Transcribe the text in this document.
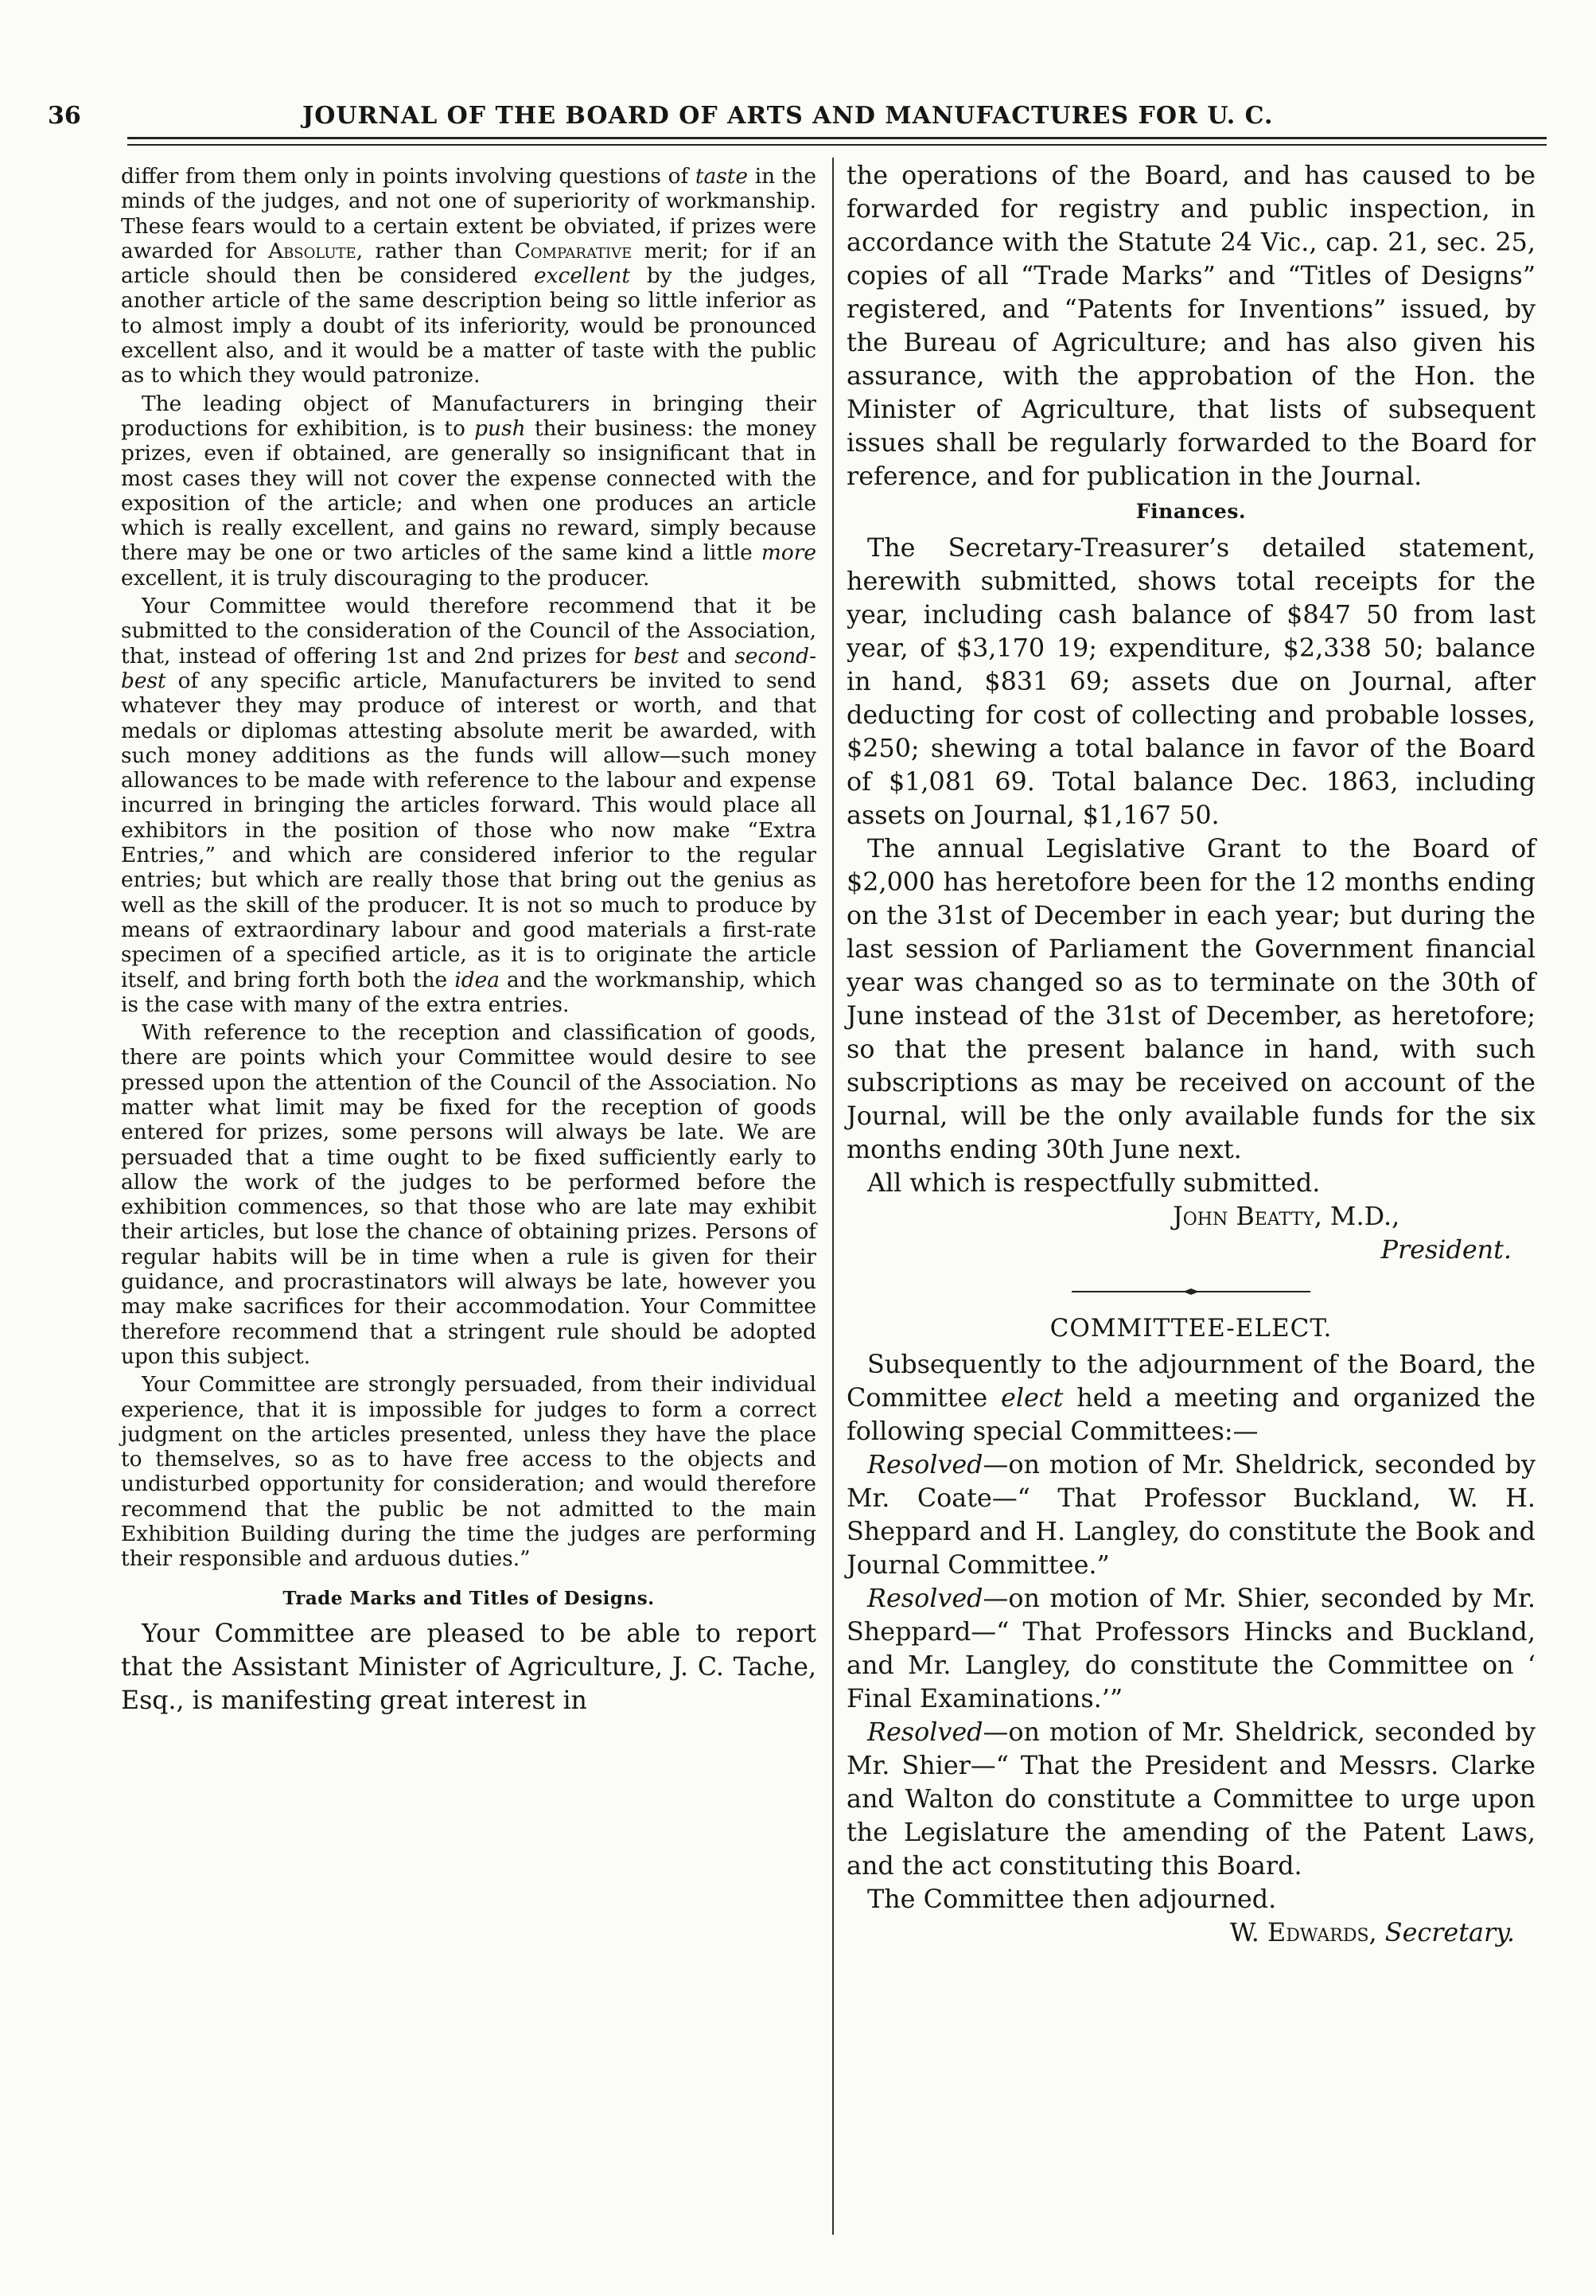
36	JOURNAL OF THE BOARD OF ARTS AND MANUFACTURES FOR U. C.

differ from them only in points involving questions of taste in the minds of the judges, and not one of superiority of workmanship. These fears would to a certain extent be obviated, if prizes were awarded for Absolute, rather than Comparative merit; for if an article should then be considered excellent by the judges, another article of the same description being so little inferior as to almost imply a doubt of its inferiority, would be pronounced excellent also, and it would be a matter of taste with the public as to which they would patronize.

The leading object of Manufacturers in bringing their productions for exhibition, is to push their business: the money prizes, even if obtained, are generally so insignificant that in most cases they will not cover the expense connected with the exposition of the article; and when one produces an article which is really excellent, and gains no reward, simply because there may be one or two articles of the same kind a little more excellent, it is truly discouraging to the producer.

Your Committee would therefore recommend that it be submitted to the consideration of the Council of the Association, that, instead of offering 1st and 2nd prizes for best and second-best of any specific article, Manufacturers be invited to send whatever they may produce of interest or worth, and that medals or diplomas attesting absolute merit be awarded, with such money additions as the funds will allow—such money allowances to be made with reference to the labour and expense incurred in bringing the articles forward. This would place all exhibitors in the position of those who now make “Extra Entries,” and which are considered inferior to the regular entries; but which are really those that bring out the genius as well as the skill of the producer. It is not so much to produce by means of extraordinary labour and good materials a first-rate specimen of a specified article, as it is to originate the article itself, and bring forth both the idea and the workmanship, which is the case with many of the extra entries.

With reference to the reception and classification of goods, there are points which your Committee would desire to see pressed upon the attention of the Council of the Association. No matter what limit may be fixed for the reception of goods entered for prizes, some persons will always be late. We are persuaded that a time ought to be fixed sufficiently early to allow the work of the judges to be performed before the exhibition commences, so that those who are late may exhibit their articles, but lose the chance of obtaining prizes. Persons of regular habits will be in time when a rule is given for their guidance, and procrastinators will always be late, however you may make sacrifices for their accommodation. Your Committee therefore recommend that a stringent rule should be adopted upon this subject.

Your Committee are strongly persuaded, from their individual experience, that it is impossible for judges to form a correct judgment on the articles presented, unless they have the place to themselves, so as to have free access to the objects and undisturbed opportunity for consideration; and would therefore recommend that the public be not admitted to the main Exhibition Building during the time the judges are performing their responsible and arduous duties.”

Trade Marks and Titles of Designs.

Your Committee are pleased to be able to report that the Assistant Minister of Agriculture, J. C. Tache, Esq., is manifesting great interest in

the operations of the Board, and has caused to be forwarded for registry and public inspection, in accordance with the Statute 24 Vic., cap. 21, sec. 25, copies of all “Trade Marks” and “Titles of Designs” registered, and “Patents for Inventions” issued, by the Bureau of Agriculture; and has also given his assurance, with the approbation of the Hon. the Minister of Agriculture, that lists of subsequent issues shall be regularly forwarded to the Board for reference, and for publication in the Journal.

Finances.

The Secretary-Treasurer’s detailed statement, herewith submitted, shows total receipts for the year, including cash balance of $847 50 from last year, of $3,170 19; expenditure, $2,338 50; balance in hand, $831 69; assets due on Journal, after deducting for cost of collecting and probable losses, $250; shewing a total balance in favor of the Board of $1,081 69. Total balance Dec. 1863, including assets on Journal, $1,167 50.

The annual Legislative Grant to the Board of $2,000 has heretofore been for the 12 months ending on the 31st of December in each year; but during the last session of Parliament the Government financial year was changed so as to terminate on the 30th of June instead of the 31st of December, as heretofore; so that the present balance in hand, with such subscriptions as may be received on account of the Journal, will be the only available funds for the six months ending 30th June next.

All which is respectfully submitted.

John Beatty, M.D.,
President.
COMMITTEE-ELECT.

Subsequently to the adjournment of the Board, the Committee elect held a meeting and organized the following special Committees:—

Resolved—on motion of Mr. Sheldrick, seconded by Mr. Coate—“ That Professor Buckland, W. H. Sheppard and H. Langley, do constitute the Book and Journal Committee.”

Resolved—on motion of Mr. Shier, seconded by Mr. Sheppard—“ That Professors Hincks and Buckland, and Mr. Langley, do constitute the Committee on ‘ Final Examinations.’”

Resolved—on motion of Mr. Sheldrick, seconded by Mr. Shier—“ That the President and Messrs. Clarke and Walton do constitute a Committee to urge upon the Legislature the amending of the Patent Laws, and the act constituting this Board.

The Committee then adjourned.

W. Edwards, Secretary.
